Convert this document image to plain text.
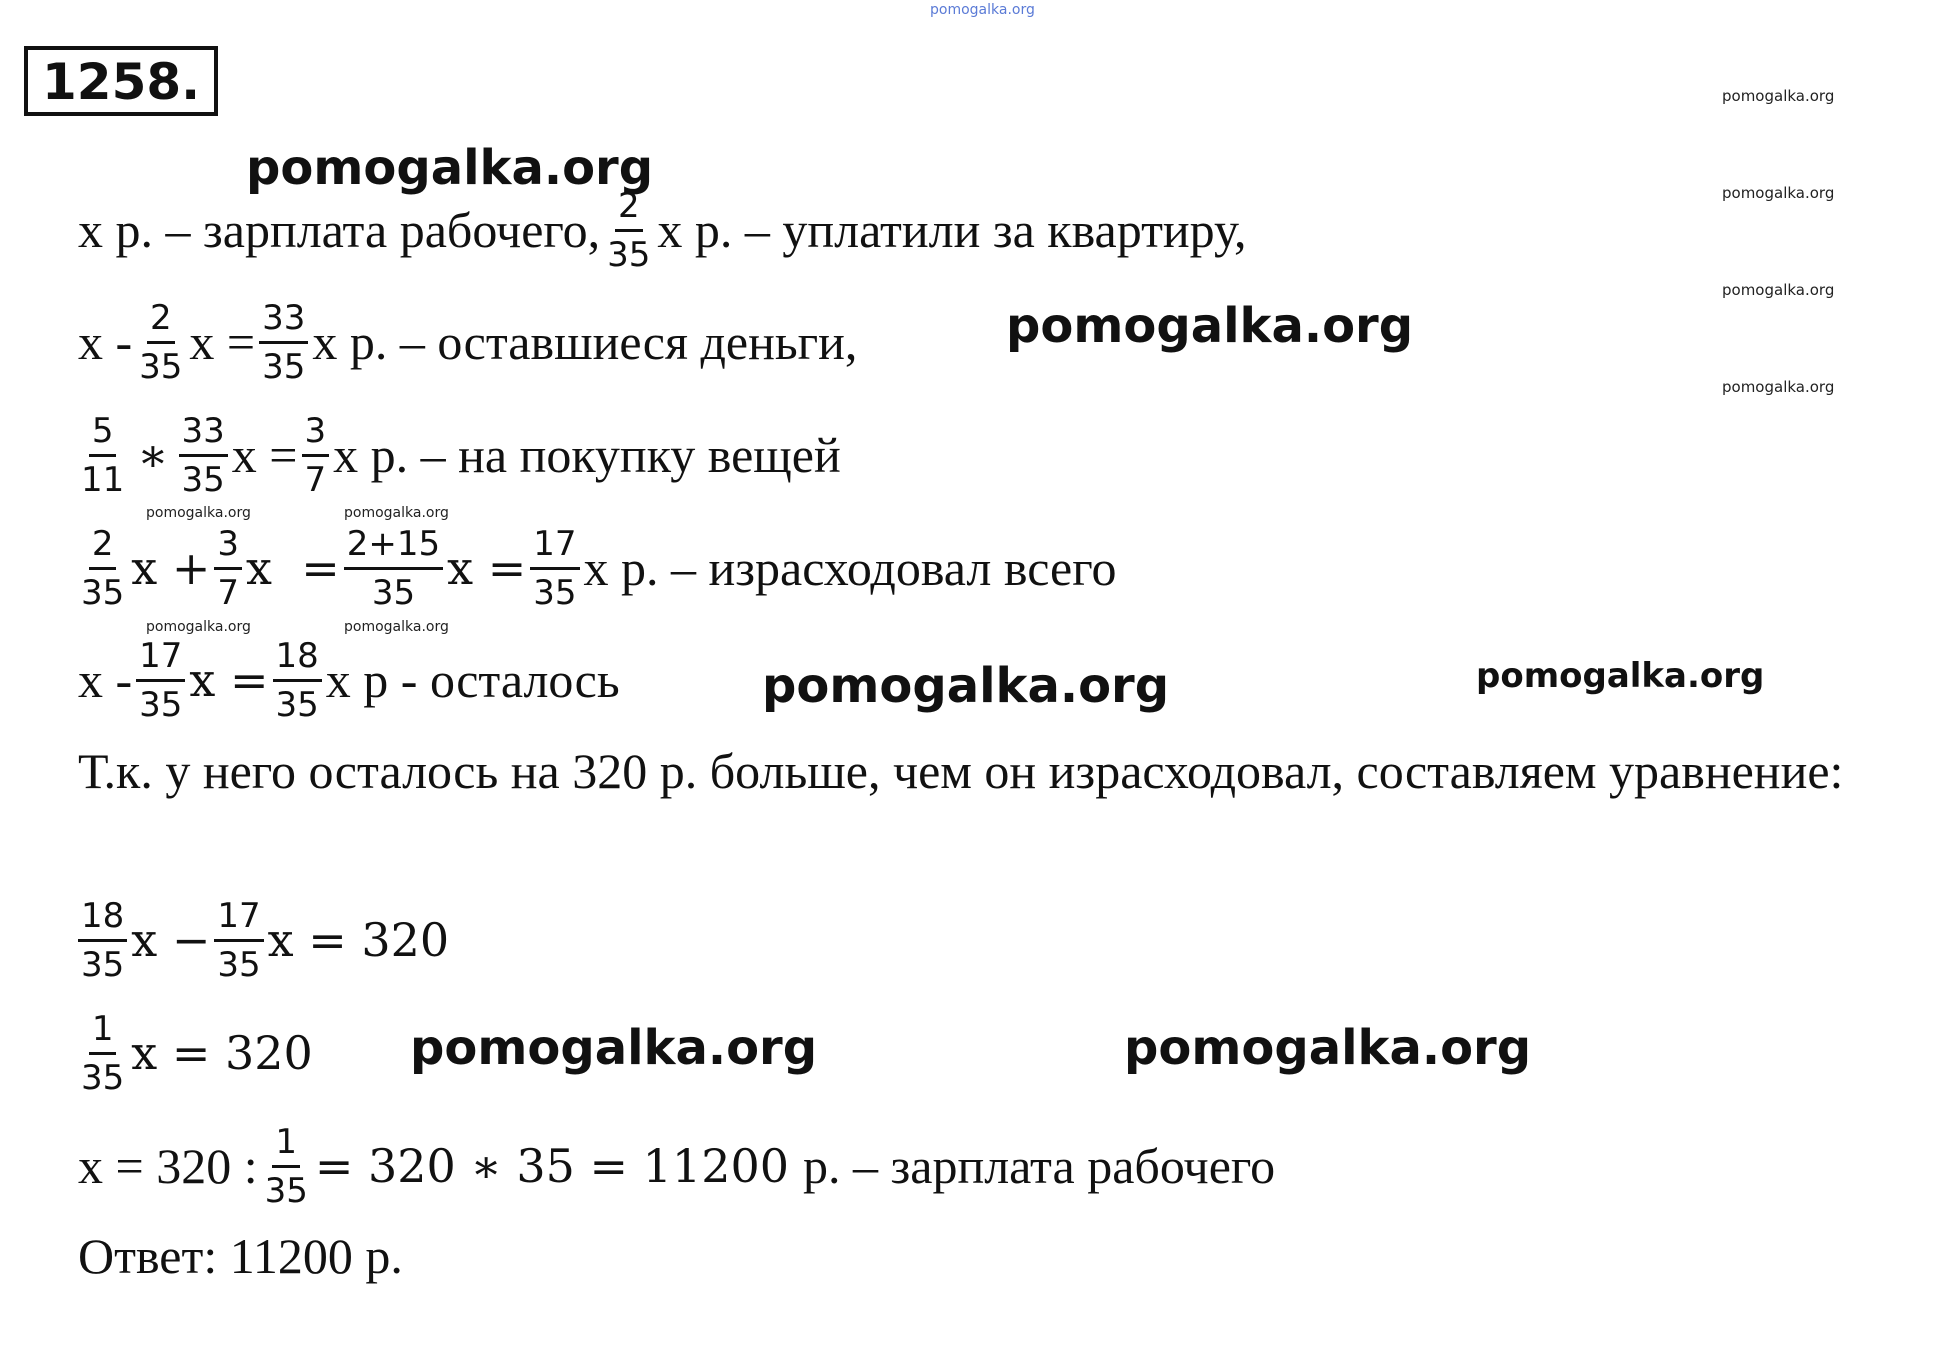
pomogalka.org
pomogalka.org
pomogalka.org
pomogalka.org
pomogalka.org
pomogalka.org
pomogalka.org
pomogalka.org	pomogalka.org
pomogalka.org	pomogalka.org
pomogalka.org	pomogalka.org
pomogalka.org	pomogalka.org
1258.
х р. – зарплата рабочего, $\frac{2}{35}$ х р. – уплатили за квартиру,
х - $\frac{2}{35}$ $х = \frac{33}{35}$ х р. – оставшиеся деньги,
$\frac{5}{11}$ ∗ $\frac{33}{35}$ $х = \frac{3}{7}$ х р. – на покупку вещей
$\frac{2}{35}$ $х + \frac{3}{7}$ $х = \frac{2+15}{35}$ $х = \frac{17}{35}$ х р. – израсходовал всего
х - $\frac{17}{35}$ $х = \frac{18}{35}$ х р - осталось
Т.к. у него осталось на 320 р. больше, чем он израсходовал, составляем уравнение:
$\frac{18}{35}$ $х - \frac{17}{35}$ х = 320
$\frac{1}{35}$ х = 320
х = 320 : $\frac{1}{35} = 320$ ∗ 35 = 11200 р. – зарплата рабочего
Ответ: 11200 р.
